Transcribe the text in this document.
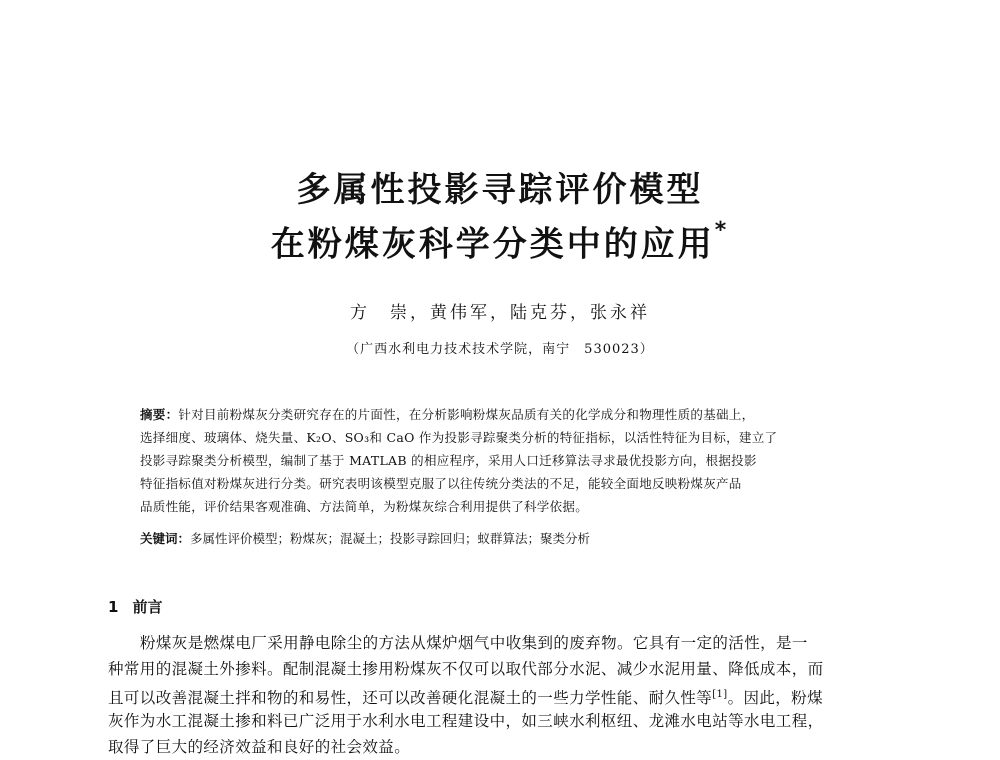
多属性投影寻踪评价模型
在粉煤灰科学分类中的应用*
方　崇，黄伟军，陆克芬，张永祥
（广西水利电力技术技术学院，南宁　530023）
摘要：针对目前粉煤灰分类研究存在的片面性，在分析影响粉煤灰品质有关的化学成分和物理性质的基础上，
选择细度、玻璃体、烧失量、K₂O、SO₃和 CaO 作为投影寻踪聚类分析的特征指标，以活性特征为目标，建立了
投影寻踪聚类分析模型，编制了基于 MATLAB 的相应程序，采用人口迁移算法寻求最优投影方向，根据投影
特征指标值对粉煤灰进行分类。研究表明该模型克服了以往传统分类法的不足，能较全面地反映粉煤灰产品
品质性能，评价结果客观准确、方法简单，为粉煤灰综合利用提供了科学依据。
关键词：多属性评价模型；粉煤灰；混凝土；投影寻踪回归；蚁群算法；聚类分析
1 前言
粉煤灰是燃煤电厂采用静电除尘的方法从煤炉烟气中收集到的废弃物。它具有一定的活性，是一
种常用的混凝土外掺料。配制混凝土掺用粉煤灰不仅可以取代部分水泥、减少水泥用量、降低成本，而
且可以改善混凝土拌和物的和易性，还可以改善硬化混凝土的一些力学性能、耐久性等[1]。因此，粉煤
灰作为水工混凝土掺和料已广泛用于水利水电工程建设中，如三峡水利枢纽、龙滩水电站等水电工程，
取得了巨大的经济效益和良好的社会效益。
